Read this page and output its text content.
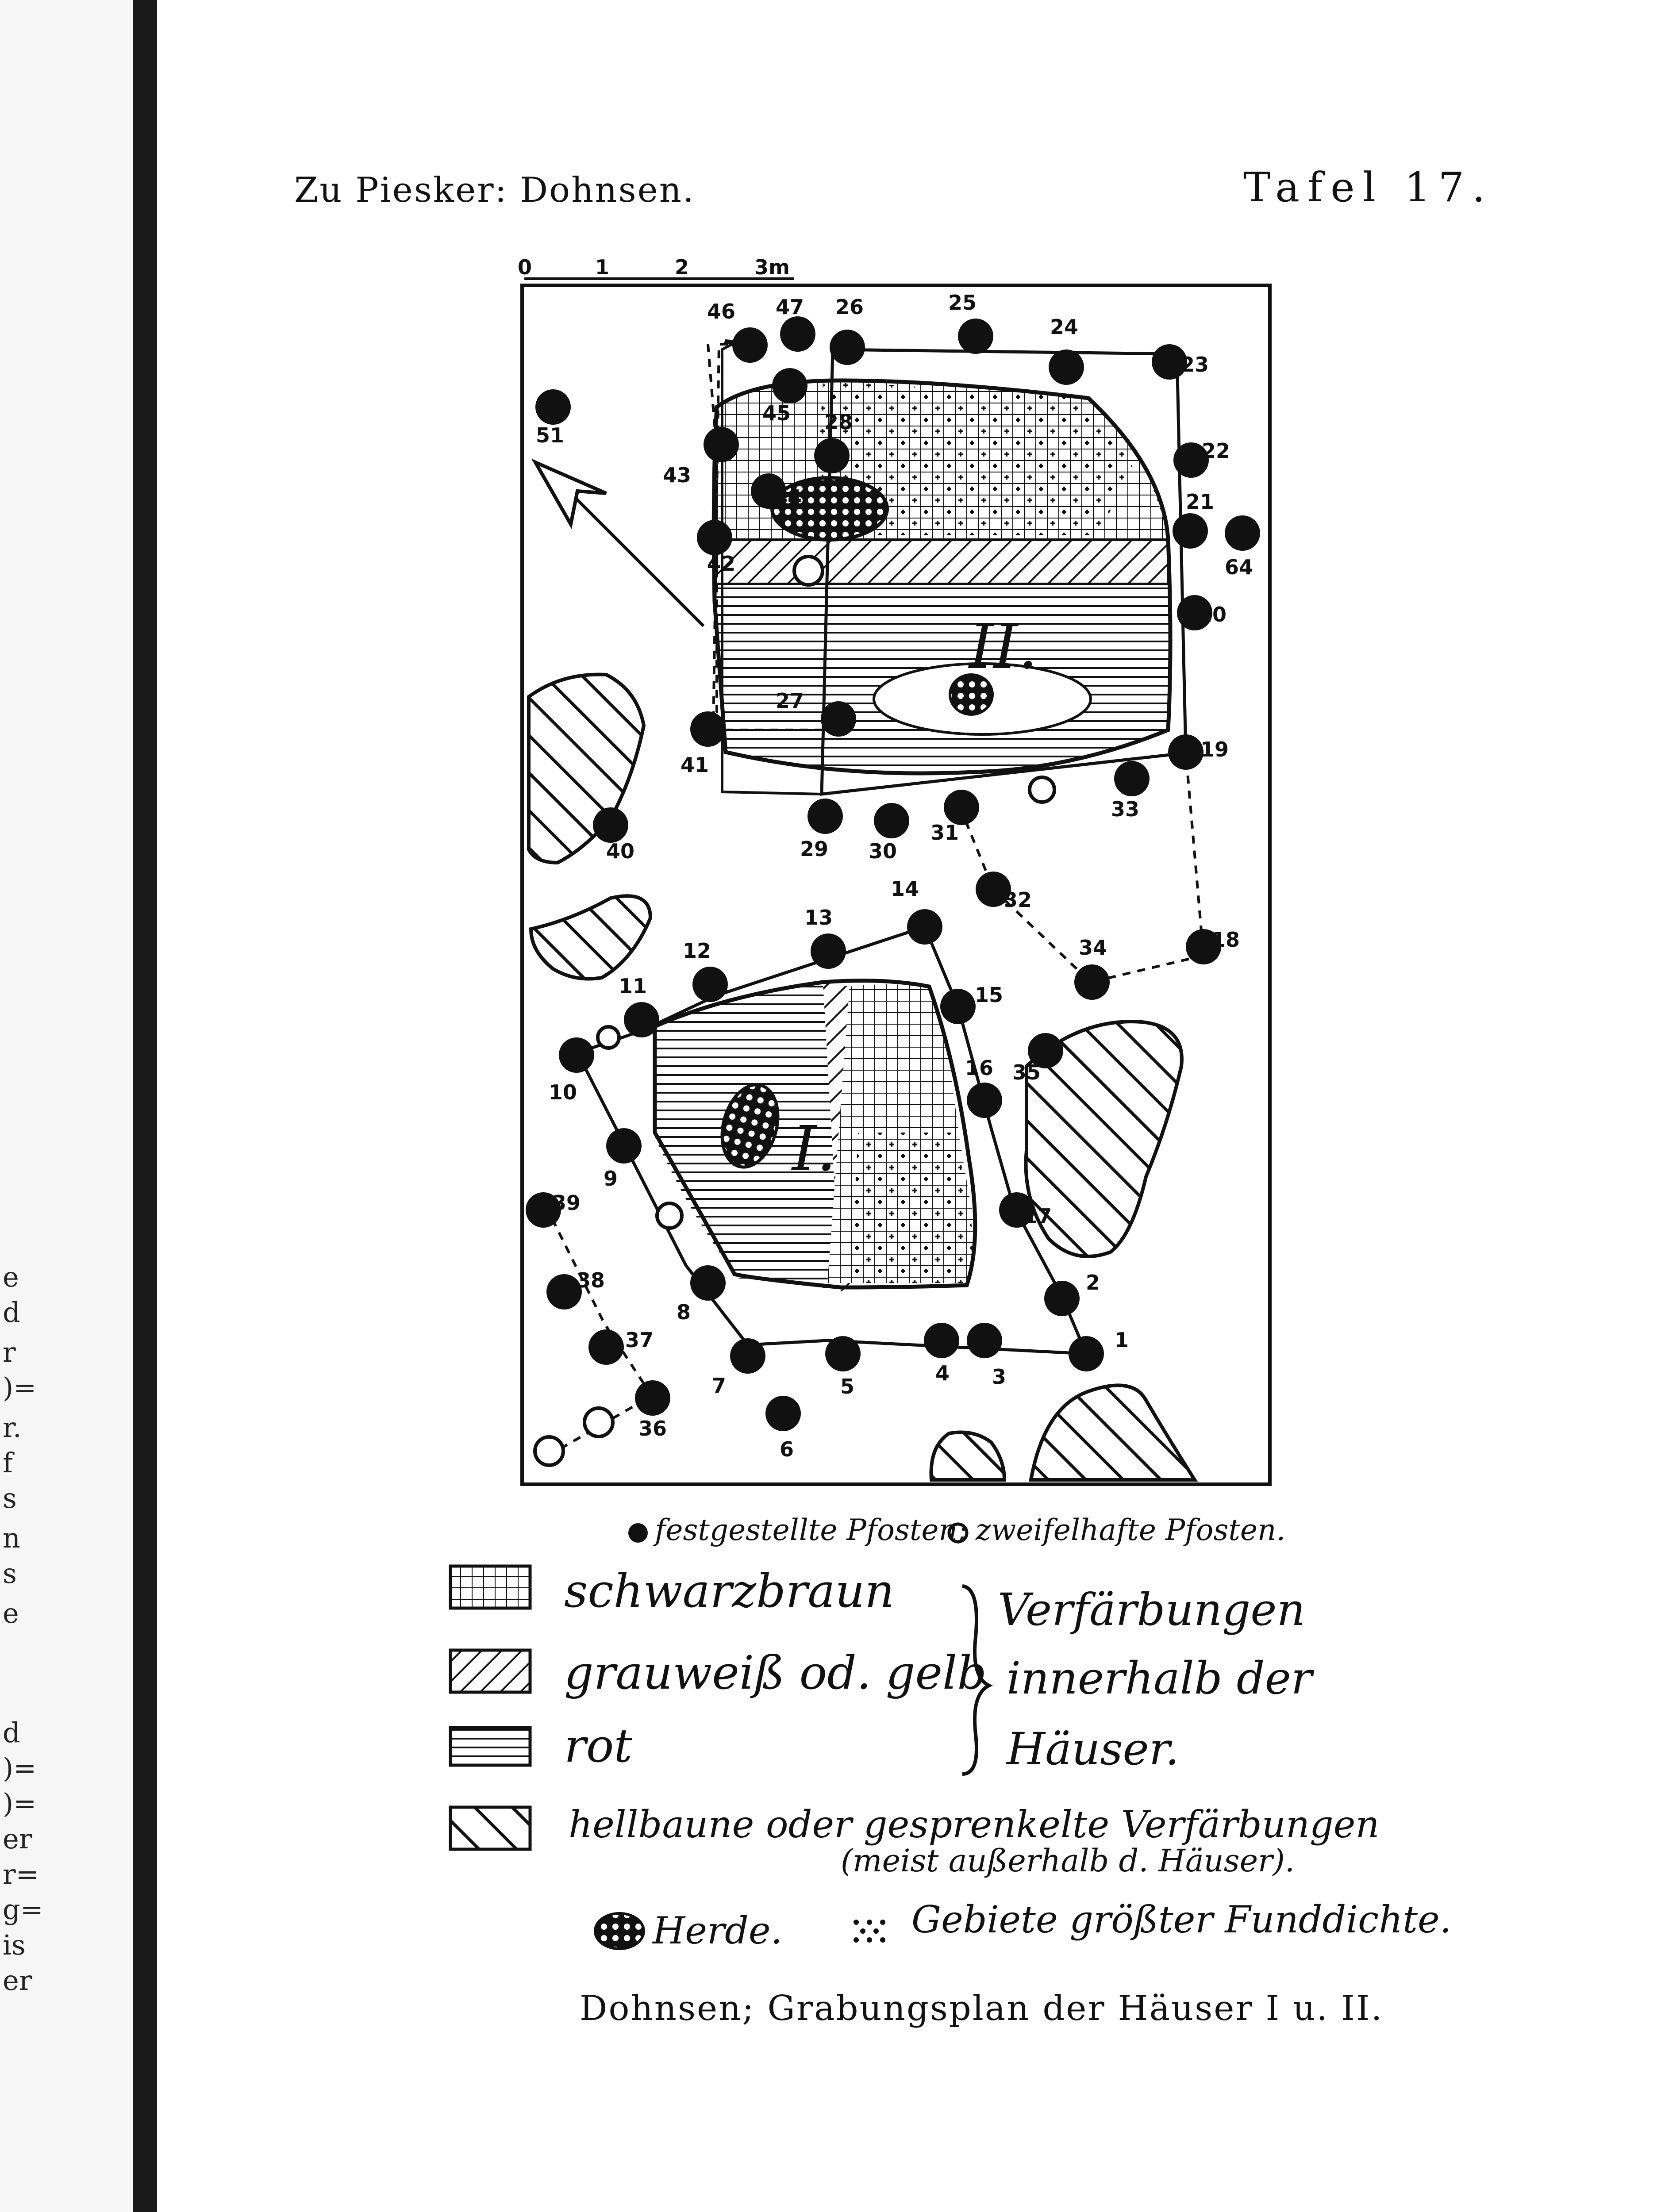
e
d
r
)=
r.
f
s
n
s
e
d
)=
)=
er
r=
g=
is
er
Zu Piesker: Dohnsen.	Tafel 17.
0	1	2	3m
II.
I.
1
2
3
4
5
6
7
8
9
10
11
12
13
14
15
16
17
18
19
20
21
22
23
24
25
26
27
28
29 30
31
32
33
34
35
36
37
38
39
40
41
42
43
44
45
46 47
51
64
festgestellte Pfosten; zweifelhafte Pfosten.
schwarzbraun
grauweiß od. gelb
rot
Verfärbungen
innerhalb der
Häuser.
hellbaune oder gesprenkelte Verfärbungen
(meist außerhalb d. Häuser).
Herde.	Gebiete größter Funddichte.
Dohnsen; Grabungsplan der Häuser I u. II.
